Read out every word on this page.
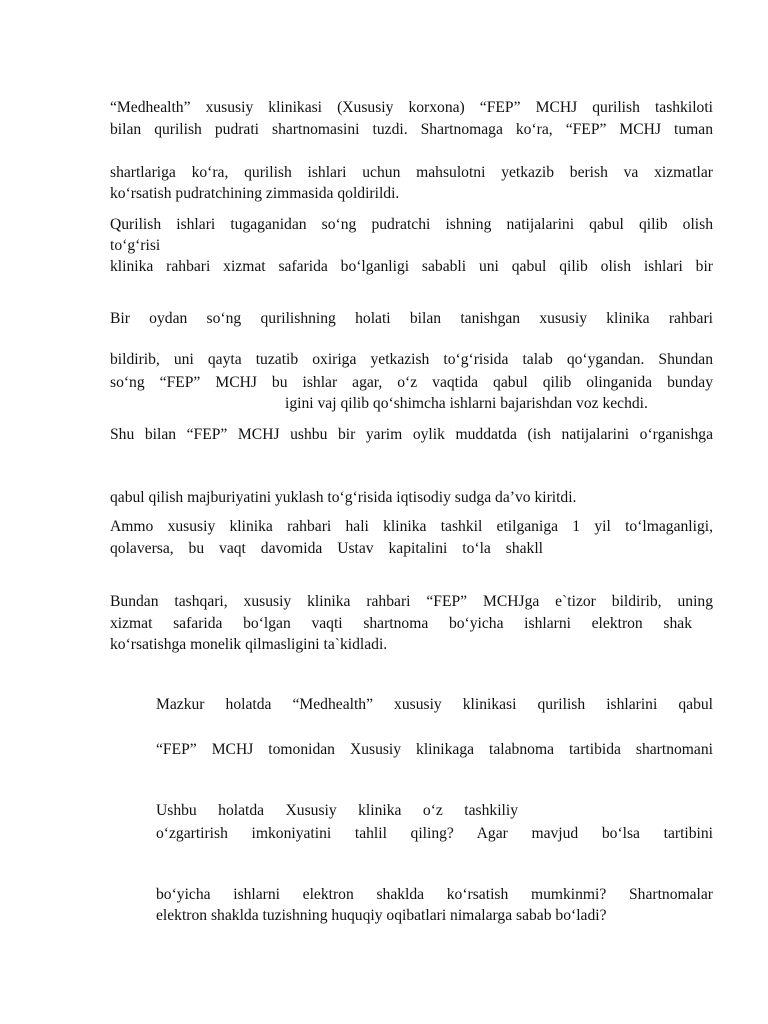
“Medhealth” xususiy klinikasi (Xususiy korxona) “FEP” MCHJ qurilish tashkiloti
bilan qurilish pudrati shartnomasini tuzdi. Shartnomaga ko‘ra, “FEP” MCHJ tuman
shartlariga ko‘ra, qurilish ishlari uchun mahsulotni yetkazib berish va xizmatlar
ko‘rsatish pudratchining zimmasida qoldirildi.
Qurilish ishlari tugaganidan so‘ng pudratchi ishning natijalarini qabul qilib olish
to‘g‘risi
klinika rahbari xizmat safarida bo‘lganligi sababli uni qabul qilib olish ishlari bir
Bir oydan so‘ng qurilishning holati bilan tanishgan xususiy klinika rahbari
bildirib, uni qayta tuzatib oxiriga yetkazish to‘g‘risida talab qo‘ygandan. Shundan
so‘ng “FEP” MCHJ bu ishlar agar, o‘z vaqtida qabul qilib olinganida bunday
igini vaj qilib qo‘shimcha ishlarni bajarishdan voz kechdi.
Shu bilan “FEP” MCHJ ushbu bir yarim oylik muddatda (ish natijalarini o‘rganishga
qabul qilish majburiyatini yuklash to‘g‘risida iqtisodiy sudga da’vo kiritdi.
Ammo xususiy klinika rahbari hali klinika tashkil etilganiga 1 yil to‘lmaganligi,
qolaversa, bu vaqt davomida Ustav kapitalini to‘la shakll
Bundan tashqari, xususiy klinika rahbari “FEP” MCHJga e`tizor bildirib, uning
xizmat safarida bo‘lgan vaqti shartnoma bo‘yicha ishlarni elektron shak
ko‘rsatishga monelik qilmasligini ta`kidladi.
Mazkur holatda “Medhealth” xususiy klinikasi qurilish ishlarini qabul
“FEP” MCHJ tomonidan Xususiy klinikaga talabnoma tartibida shartnomani
Ushbu holatda Xususiy klinika o‘z tashkiliy
o‘zgartirish imkoniyatini tahlil qiling? Agar mavjud bo‘lsa tartibini
bo‘yicha ishlarni elektron shaklda ko‘rsatish mumkinmi? Shartnomalar
elektron shaklda tuzishning huquqiy oqibatlari nimalarga sabab bo‘ladi?
